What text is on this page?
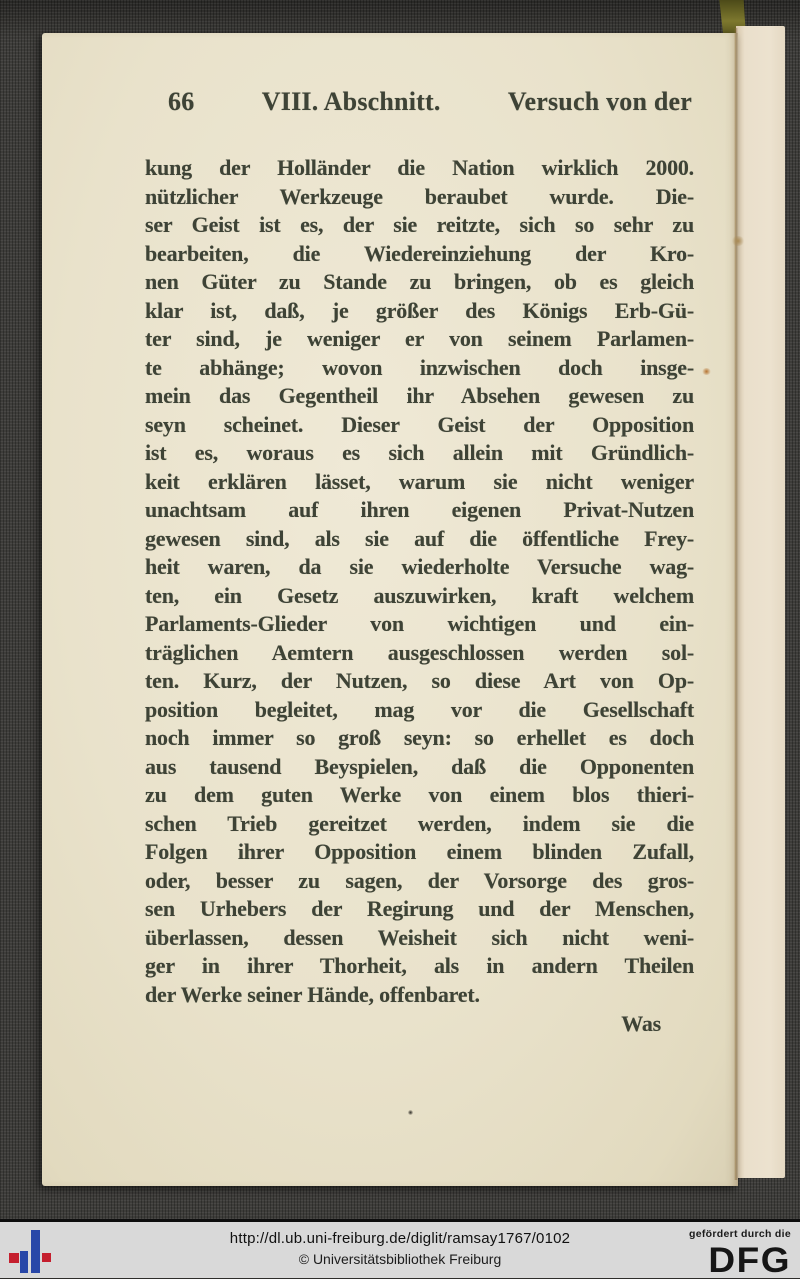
66	VIII. Abschnitt.	Versuch von der
kung der Holländer die Nation wirklich 2000.
nützlicher Werkzeuge beraubet wurde. Die-
ser Geist ist es, der sie reitzte, sich so sehr zu
bearbeiten, die Wiedereinziehung der Kro-
nen Güter zu Stande zu bringen, ob es gleich
klar ist, daß, je größer des Königs Erb-Gü-
ter sind, je weniger er von seinem Parlamen-
te abhänge; wovon inzwischen doch insge-
mein das Gegentheil ihr Absehen gewesen zu
seyn scheinet. Dieser Geist der Opposition
ist es, woraus es sich allein mit Gründlich-
keit erklären lässet, warum sie nicht weniger
unachtsam auf ihren eigenen Privat-Nutzen
gewesen sind, als sie auf die öffentliche Frey-
heit waren, da sie wiederholte Versuche wag-
ten, ein Gesetz auszuwirken, kraft welchem
Parlaments-Glieder von wichtigen und ein-
träglichen Aemtern ausgeschlossen werden sol-
ten. Kurz, der Nutzen, so diese Art von Op-
position begleitet, mag vor die Gesellschaft
noch immer so groß seyn: so erhellet es doch
aus tausend Beyspielen, daß die Opponenten
zu dem guten Werke von einem blos thieri-
schen Trieb gereitzet werden, indem sie die
Folgen ihrer Opposition einem blinden Zufall,
oder, besser zu sagen, der Vorsorge des gros-
sen Urhebers der Regirung und der Menschen,
überlassen, dessen Weisheit sich nicht weni-
ger in ihrer Thorheit, als in andern Theilen
der Werke seiner Hände, offenbaret.
Was
http://dl.ub.uni-freiburg.de/diglit/ramsay1767/0102
© Universitätsbibliothek Freiburg
gefördert durch die
DFG
